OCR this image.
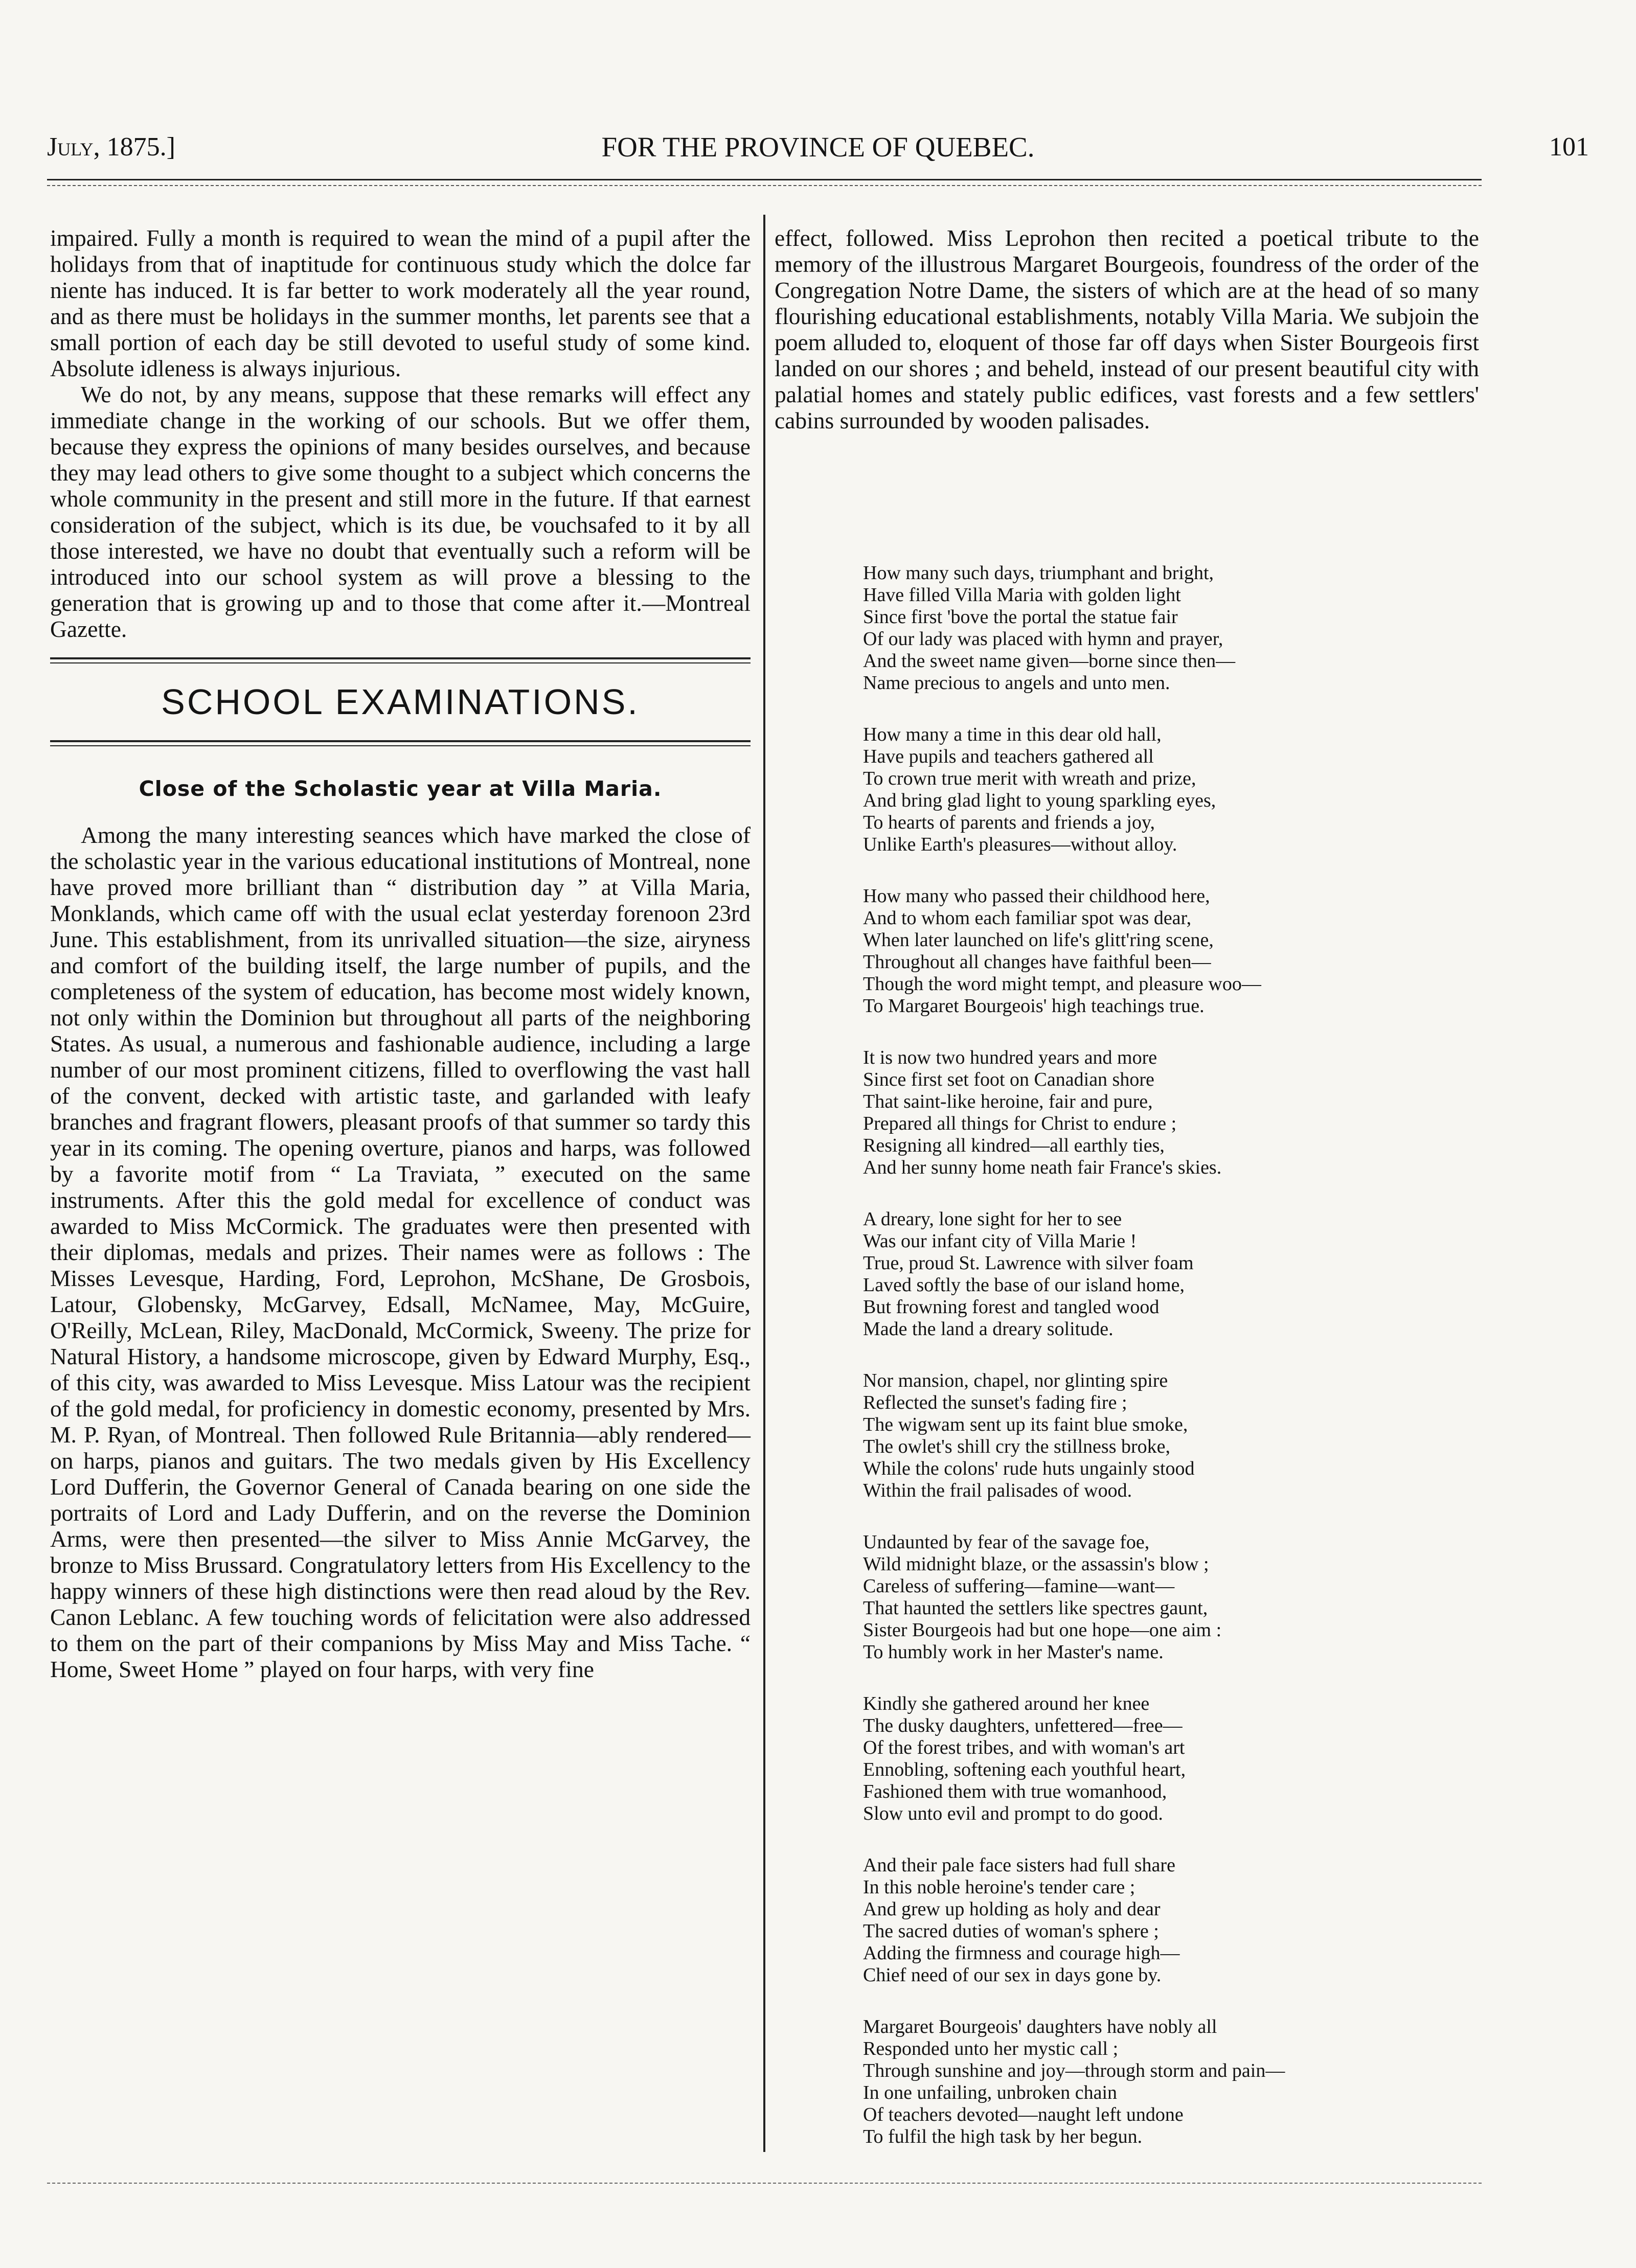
July, 1875.]	FOR THE PROVINCE OF QUEBEC.	101

impaired. Fully a month is required to wean the mind of a pupil after the holidays from that of inaptitude for continuous study which the dolce far niente has induced. It is far better to work moderately all the year round, and as there must be holidays in the summer months, let parents see that a small portion of each day be still devoted to useful study of some kind. Absolute idleness is always injurious.

We do not, by any means, suppose that these remarks will effect any immediate change in the working of our schools. But we offer them, because they express the opinions of many besides ourselves, and because they may lead others to give some thought to a subject which concerns the whole community in the present and still more in the future. If that earnest consideration of the subject, which is its due, be vouchsafed to it by all those interested, we have no doubt that eventually such a reform will be introduced into our school system as will prove a blessing to the generation that is growing up and to those that come after it.—Montreal Gazette.

SCHOOL EXAMINATIONS.
Close of the Scholastic year at Villa Maria.

Among the many interesting seances which have marked the close of the scholastic year in the various educational institutions of Montreal, none have proved more brilliant than “ distribution day ” at Villa Maria, Monklands, which came off with the usual eclat yesterday forenoon 23rd June. This establishment, from its unrivalled situation—the size, airyness and comfort of the building itself, the large number of pupils, and the completeness of the system of education, has become most widely known, not only within the Dominion but throughout all parts of the neighboring States. As usual, a numerous and fashionable audience, including a large number of our most prominent citizens, filled to overflowing the vast hall of the convent, decked with artistic taste, and garlanded with leafy branches and fragrant flowers, pleasant proofs of that summer so tardy this year in its coming. The opening overture, pianos and harps, was followed by a favorite motif from “ La Traviata, ” executed on the same instruments. After this the gold medal for excellence of conduct was awarded to Miss McCormick. The graduates were then presented with their diplomas, medals and prizes. Their names were as follows : The Misses Levesque, Harding, Ford, Leprohon, McShane, De Grosbois, Latour, Globensky, McGarvey, Edsall, McNamee, May, McGuire, O'Reilly, McLean, Riley, MacDonald, McCormick, Sweeny. The prize for Natural History, a handsome microscope, given by Edward Murphy, Esq., of this city, was awarded to Miss Levesque. Miss Latour was the recipient of the gold medal, for proficiency in domestic economy, presented by Mrs. M. P. Ryan, of Montreal. Then followed Rule Britannia—ably rendered—on harps, pianos and guitars. The two medals given by His Excellency Lord Dufferin, the Governor General of Canada bearing on one side the portraits of Lord and Lady Dufferin, and on the reverse the Dominion Arms, were then presented—the silver to Miss Annie McGarvey, the bronze to Miss Brussard. Congratulatory letters from His Excellency to the happy winners of these high distinctions were then read aloud by the Rev. Canon Leblanc. A few touching words of felicitation were also addressed to them on the part of their companions by Miss May and Miss Tache. “ Home, Sweet Home ” played on four harps, with very fine

effect, followed. Miss Leprohon then recited a poetical tribute to the memory of the illustrous Margaret Bourgeois, foundress of the order of the Congregation Notre Dame, the sisters of which are at the head of so many flourishing educational establishments, notably Villa Maria. We subjoin the poem alluded to, eloquent of those far off days when Sister Bourgeois first landed on our shores ; and beheld, instead of our present beautiful city with palatial homes and stately public edifices, vast forests and a few settlers' cabins surrounded by wooden palisades.

How many such days, triumphant and bright,
Have filled Villa Maria with golden light
Since first 'bove the portal the statue fair
Of our lady was placed with hymn and prayer,
And the sweet name given—borne since then—
Name precious to angels and unto men.
How many a time in this dear old hall,
Have pupils and teachers gathered all
To crown true merit with wreath and prize,
And bring glad light to young sparkling eyes,
To hearts of parents and friends a joy,
Unlike Earth's pleasures—without alloy.
How many who passed their childhood here,
And to whom each familiar spot was dear,
When later launched on life's glitt'ring scene,
Throughout all changes have faithful been—
Though the word might tempt, and pleasure woo—
To Margaret Bourgeois' high teachings true.
It is now two hundred years and more
Since first set foot on Canadian shore
That saint-like heroine, fair and pure,
Prepared all things for Christ to endure ;
Resigning all kindred—all earthly ties,
And her sunny home neath fair France's skies.
A dreary, lone sight for her to see
Was our infant city of Villa Marie !
True, proud St. Lawrence with silver foam
Laved softly the base of our island home,
But frowning forest and tangled wood
Made the land a dreary solitude.
Nor mansion, chapel, nor glinting spire
Reflected the sunset's fading fire ;
The wigwam sent up its faint blue smoke,
The owlet's shill cry the stillness broke,
While the colons' rude huts ungainly stood
Within the frail palisades of wood.
Undaunted by fear of the savage foe,
Wild midnight blaze, or the assassin's blow ;
Careless of suffering—famine—want—
That haunted the settlers like spectres gaunt,
Sister Bourgeois had but one hope—one aim :
To humbly work in her Master's name.
Kindly she gathered around her knee
The dusky daughters, unfettered—free—
Of the forest tribes, and with woman's art
Ennobling, softening each youthful heart,
Fashioned them with true womanhood,
Slow unto evil and prompt to do good.
And their pale face sisters had full share
In this noble heroine's tender care ;
And grew up holding as holy and dear
The sacred duties of woman's sphere ;
Adding the firmness and courage high—
Chief need of our sex in days gone by.
Margaret Bourgeois' daughters have nobly all
Responded unto her mystic call ;
Through sunshine and joy—through storm and pain—
In one unfailing, unbroken chain
Of teachers devoted—naught left undone
To fulfil the high task by her begun.
